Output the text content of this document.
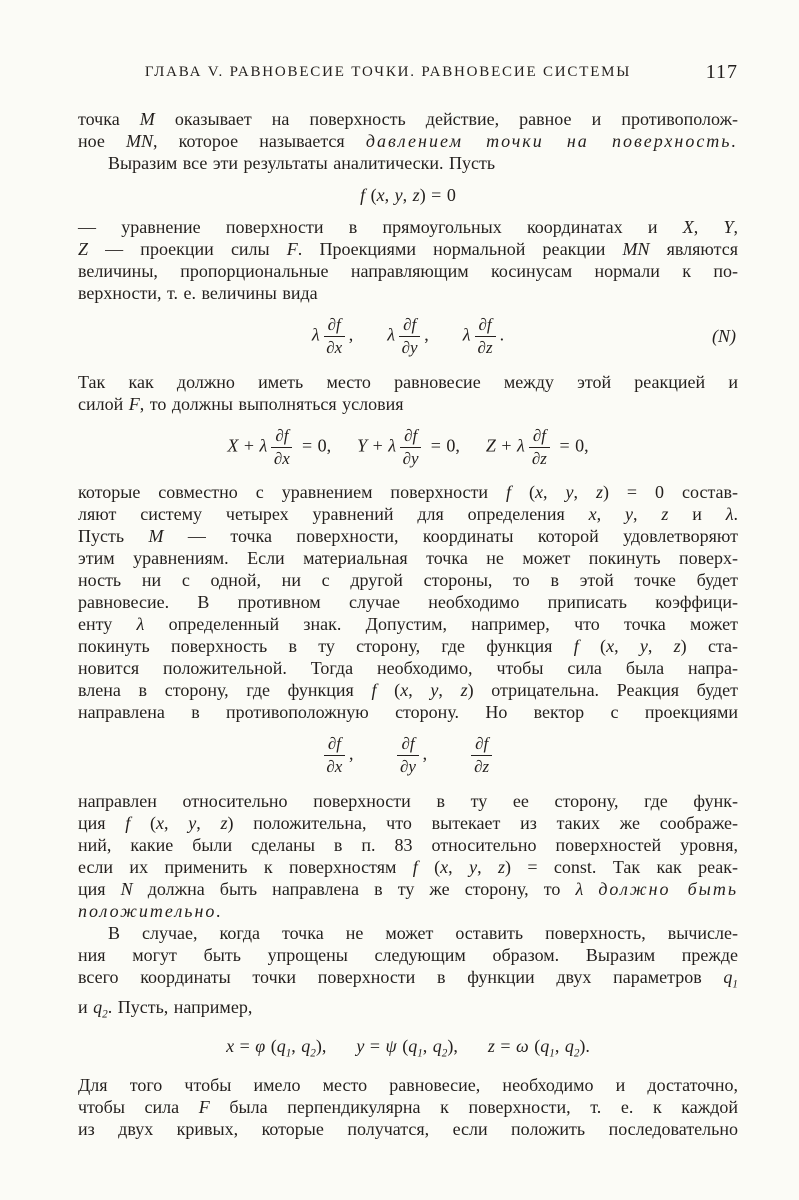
ГЛАВА V. РАВНОВЕСИЕ ТОЧКИ. РАВНОВЕСИЕ СИСТЕМЫ	117
точка M оказывает на поверхность действие, равное и противополож-
ное MN, которое называется давлением точки на поверхность.
Выразим все эти результаты аналитически. Пусть
f (x, y, z) = 0
— уравнение поверхности в прямоугольных координатах и X, Y,
Z — проекции силы F. Проекциями нормальной реакции MN являются
величины, пропорциональные направляющим косинусам нормали к по-
верхности, т. е. величины вида
λ $\frac{\partial f}{\partial x}$ , λ $\frac{\partial f}{\partial y}$ , λ $\frac{\partial f}{\partial z}$ .	(N)
Так как должно иметь место равновесие между этой реакцией и
силой F, то должны выполняться условия
X + λ $\frac{\partial f}{\partial x} = 0$, Y + λ $\frac{\partial f}{\partial y} = 0$, Z + λ $\frac{\partial f}{\partial z} = 0$,
которые совместно с уравнением поверхности f (x, y, z) = 0 состав-
ляют систему четырех уравнений для определения x, y, z и λ.
Пусть M — точка поверхности, координаты которой удовлетворяют
этим уравнениям. Если материальная точка не может покинуть поверх-
ность ни с одной, ни с другой стороны, то в этой точке будет
равновесие. В противном случае необходимо приписать коэффици-
енту λ определенный знак. Допустим, например, что точка может
покинуть поверхность в ту сторону, где функция f (x, y, z) ста-
новится положительной. Тогда необходимо, чтобы сила была напра-
влена в сторону, где функция f (x, y, z) отрицательна. Реакция будет
направлена в противоположную сторону. Но вектор с проекциями
$\frac{\partial f}{\partial x}$ ,	$\frac{\partial f}{\partial y}$ ,	$\frac{\partial f}{\partial z}$
направлен относительно поверхности в ту ее сторону, где функ-
ция f (x, y, z) положительна, что вытекает из таких же соображе-
ний, какие были сделаны в п. 83 относительно поверхностей уровня,
если их применить к поверхностям f (x, y, z) = const. Так как реак-
ция N должна быть направлена в ту же сторону, то λ должно быть
положительно.
В случае, когда точка не может оставить поверхность, вычисле-
ния могут быть упрощены следующим образом. Выразим прежде
всего координаты точки поверхности в функции двух параметров $q_1$
и $q_2$. Пусть, например,
x = φ ($q_1$, $q_2$), y = ψ ($q_1$, $q_2$), z = ω ($q_1$, $q_2$).
Для того чтобы имело место равновесие, необходимо и достаточно,
чтобы сила F была перпендикулярна к поверхности, т. е. к каждой
из двух кривых, которые получатся, если положить последовательно
